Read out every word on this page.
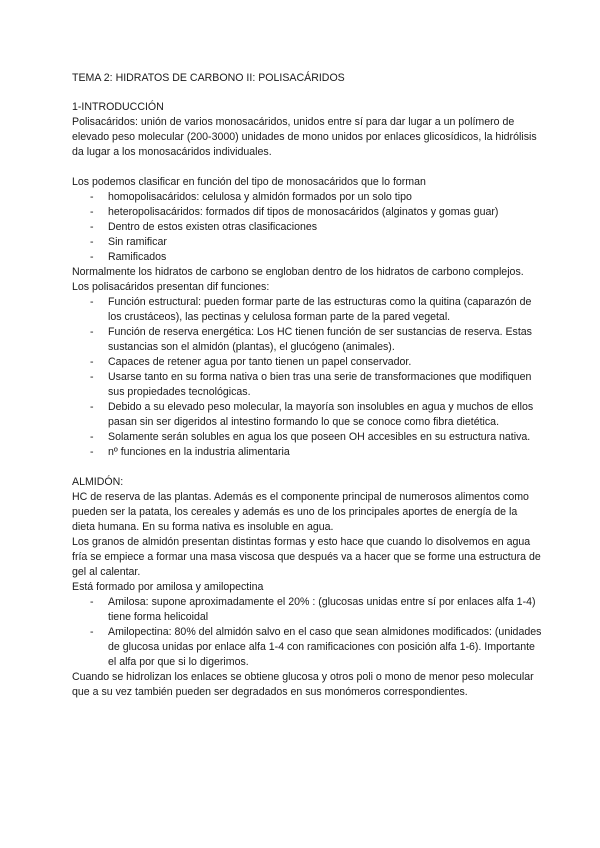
TEMA 2: HIDRATOS DE CARBONO II: POLISACÁRIDOS

1-INTRODUCCIÓN

Polisacáridos: unión de varios monosacáridos, unidos entre sí para dar lugar a un polímero de elevado peso molecular (200-3000) unidades de mono unidos por enlaces glicosídicos, la hidrólisis da lugar a los monosacáridos individuales.

Los podemos clasificar en función del tipo de monosacáridos que lo forman

- homopolisacáridos: celulosa y almidón formados por un solo tipo
- heteropolisacáridos: formados dif tipos de monosacáridos (alginatos y gomas guar)
- Dentro de estos existen otras clasificaciones
- Sin ramificar
- Ramificados

Normalmente los hidratos de carbono se engloban dentro de los hidratos de carbono complejos. Los polisacáridos presentan dif funciones:

- Función estructural: pueden formar parte de las estructuras como la quitina (caparazón de los crustáceos), las pectinas y celulosa forman parte de la pared vegetal.
- Función de reserva energética: Los HC tienen función de ser sustancias de reserva. Estas sustancias son el almidón (plantas), el glucógeno (animales).
- Capaces de retener agua por tanto tienen un papel conservador.
- Usarse tanto en su forma nativa o bien tras una serie de transformaciones que modifiquen sus propiedades tecnológicas.
- Debido a su elevado peso molecular, la mayoría son insolubles en agua y muchos de ellos pasan sin ser digeridos al intestino formando lo que se conoce como fibra dietética.
- Solamente serán solubles en agua los que poseen OH accesibles en su estructura nativa.
- nº funciones en la industria alimentaria

ALMIDÓN:

HC de reserva de las plantas. Además es el componente principal de numerosos alimentos como pueden ser la patata, los cereales y además es uno de los principales aportes de energía de la dieta humana. En su forma nativa es insoluble en agua.

Los granos de almidón presentan distintas formas y esto hace que cuando lo disolvemos en agua fría se empiece a formar una masa viscosa que después va a hacer que se forme una estructura de gel al calentar.

Está formado por amilosa y amilopectina

- Amilosa: supone aproximadamente el 20% : (glucosas unidas entre sí por enlaces alfa 1-4) tiene forma helicoidal
- Amilopectina: 80% del almidón salvo en el caso que sean almidones modificados: (unidades de glucosa unidas por enlace alfa 1-4 con ramificaciones con posición alfa 1-6). Importante el alfa por que si lo digerimos.

Cuando se hidrolizan los enlaces se obtiene glucosa y otros poli o mono de menor peso molecular que a su vez también pueden ser degradados en sus monómeros correspondientes.
